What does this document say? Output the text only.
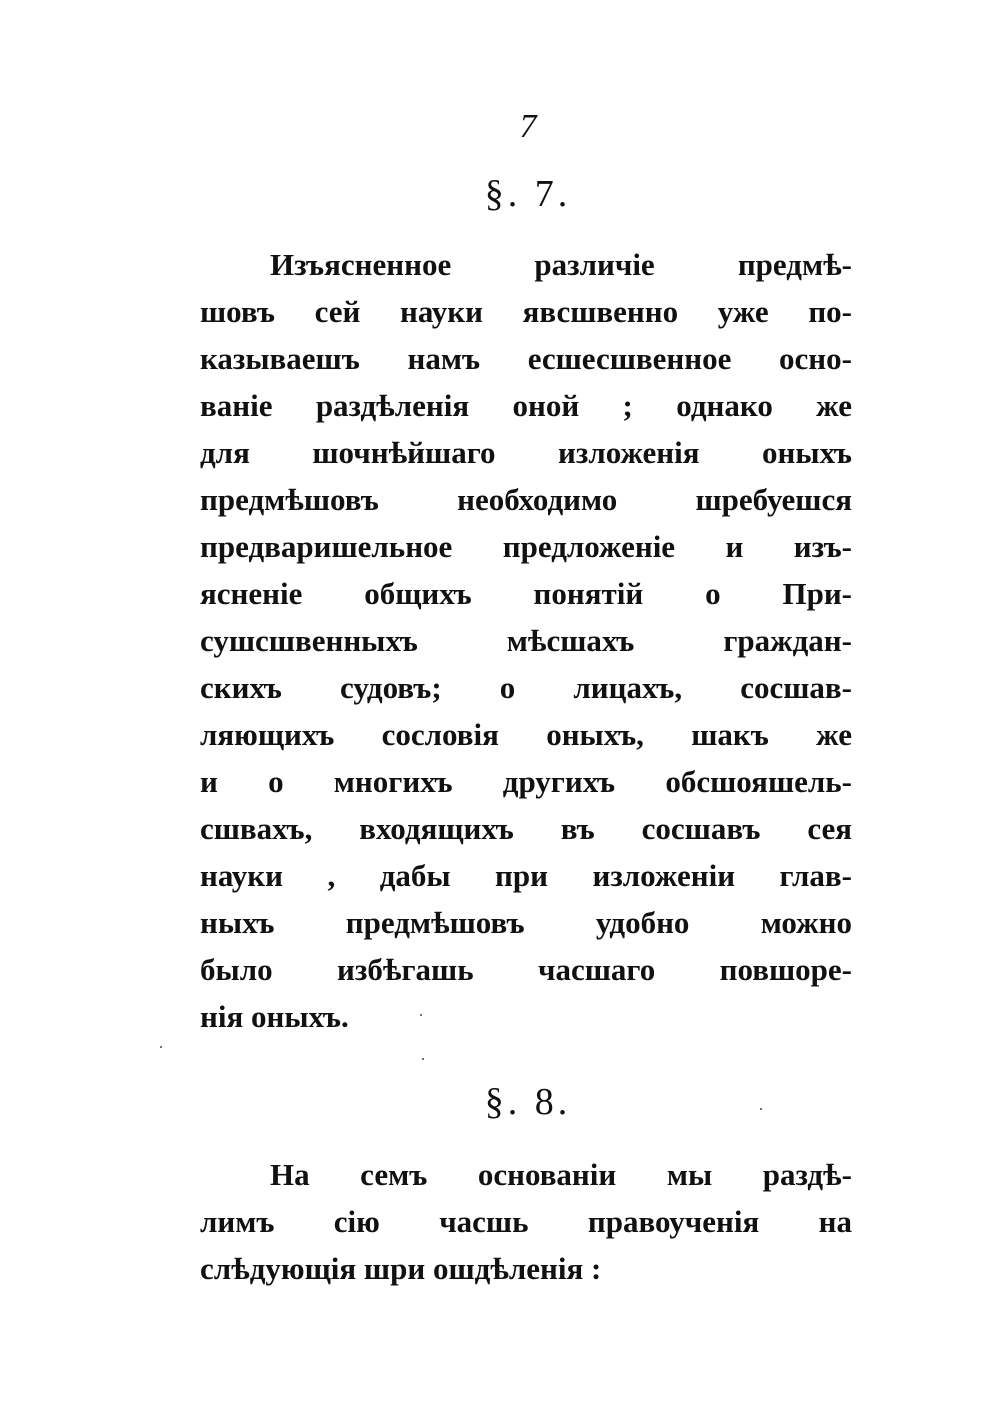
7
§. 7.
Изъясненное различіе предмѣ-
шовъ сей науки явсшвенно уже по-
казываешъ намъ есшесшвенное осно-
ваніе раздѣленія оной ; однако же
для шочнѣйшаго изложенія оныхъ
предмѣшовъ необходимо шребуешся
предваришельное предложеніе и изъ-
ясненіе общихъ понятій о При-
сушсшвенныхъ мѣсшахъ граждан-
скихъ судовъ; о лицахъ, сосшав-
ляющихъ сословія оныхъ, шакъ же
и о многихъ другихъ обсшояшель-
сшвахъ, входящихъ въ сосшавъ сея
науки , дабы при изложеніи глав-
ныхъ предмѣшовъ удобно можно
было избѣгашь часшаго повшоре-
нія оныхъ.
§. 8.
На семъ основаніи мы раздѣ-
лимъ сію часшь правоученія на
слѣдующія шри ошдѣленія :
